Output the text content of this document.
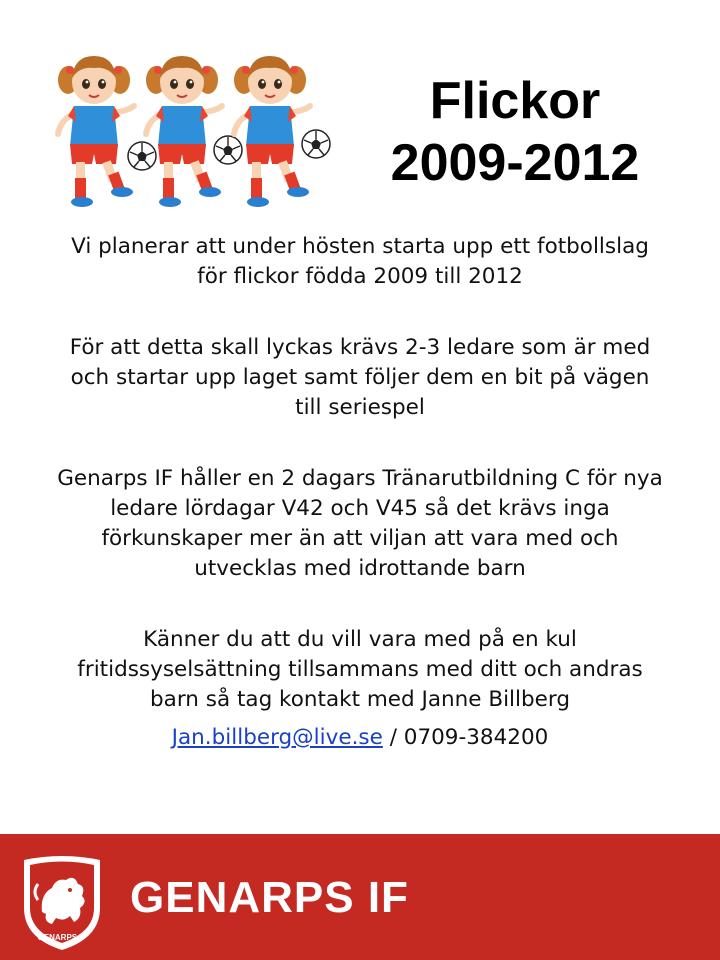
Flickor
2009-2012

Vi planerar att under hösten starta upp ett fotbollslag
för flickor födda 2009 till 2012

För att detta skall lyckas krävs 2-3 ledare som är med
och startar upp laget samt följer dem en bit på vägen
till seriespel

Genarps IF håller en 2 dagars Tränarutbildning C för nya
ledare lördagar V42 och V45 så det krävs inga
förkunskaper mer än att viljan att vara med och
utvecklas med idrottande barn

Känner du att du vill vara med på en kul
fritidssyselsättning tillsammans med ditt och andras
barn så tag kontakt med Janne Billberg

Jan.billberg@live.se / 0709-384200

GENARPS IF
GENARPS IF
